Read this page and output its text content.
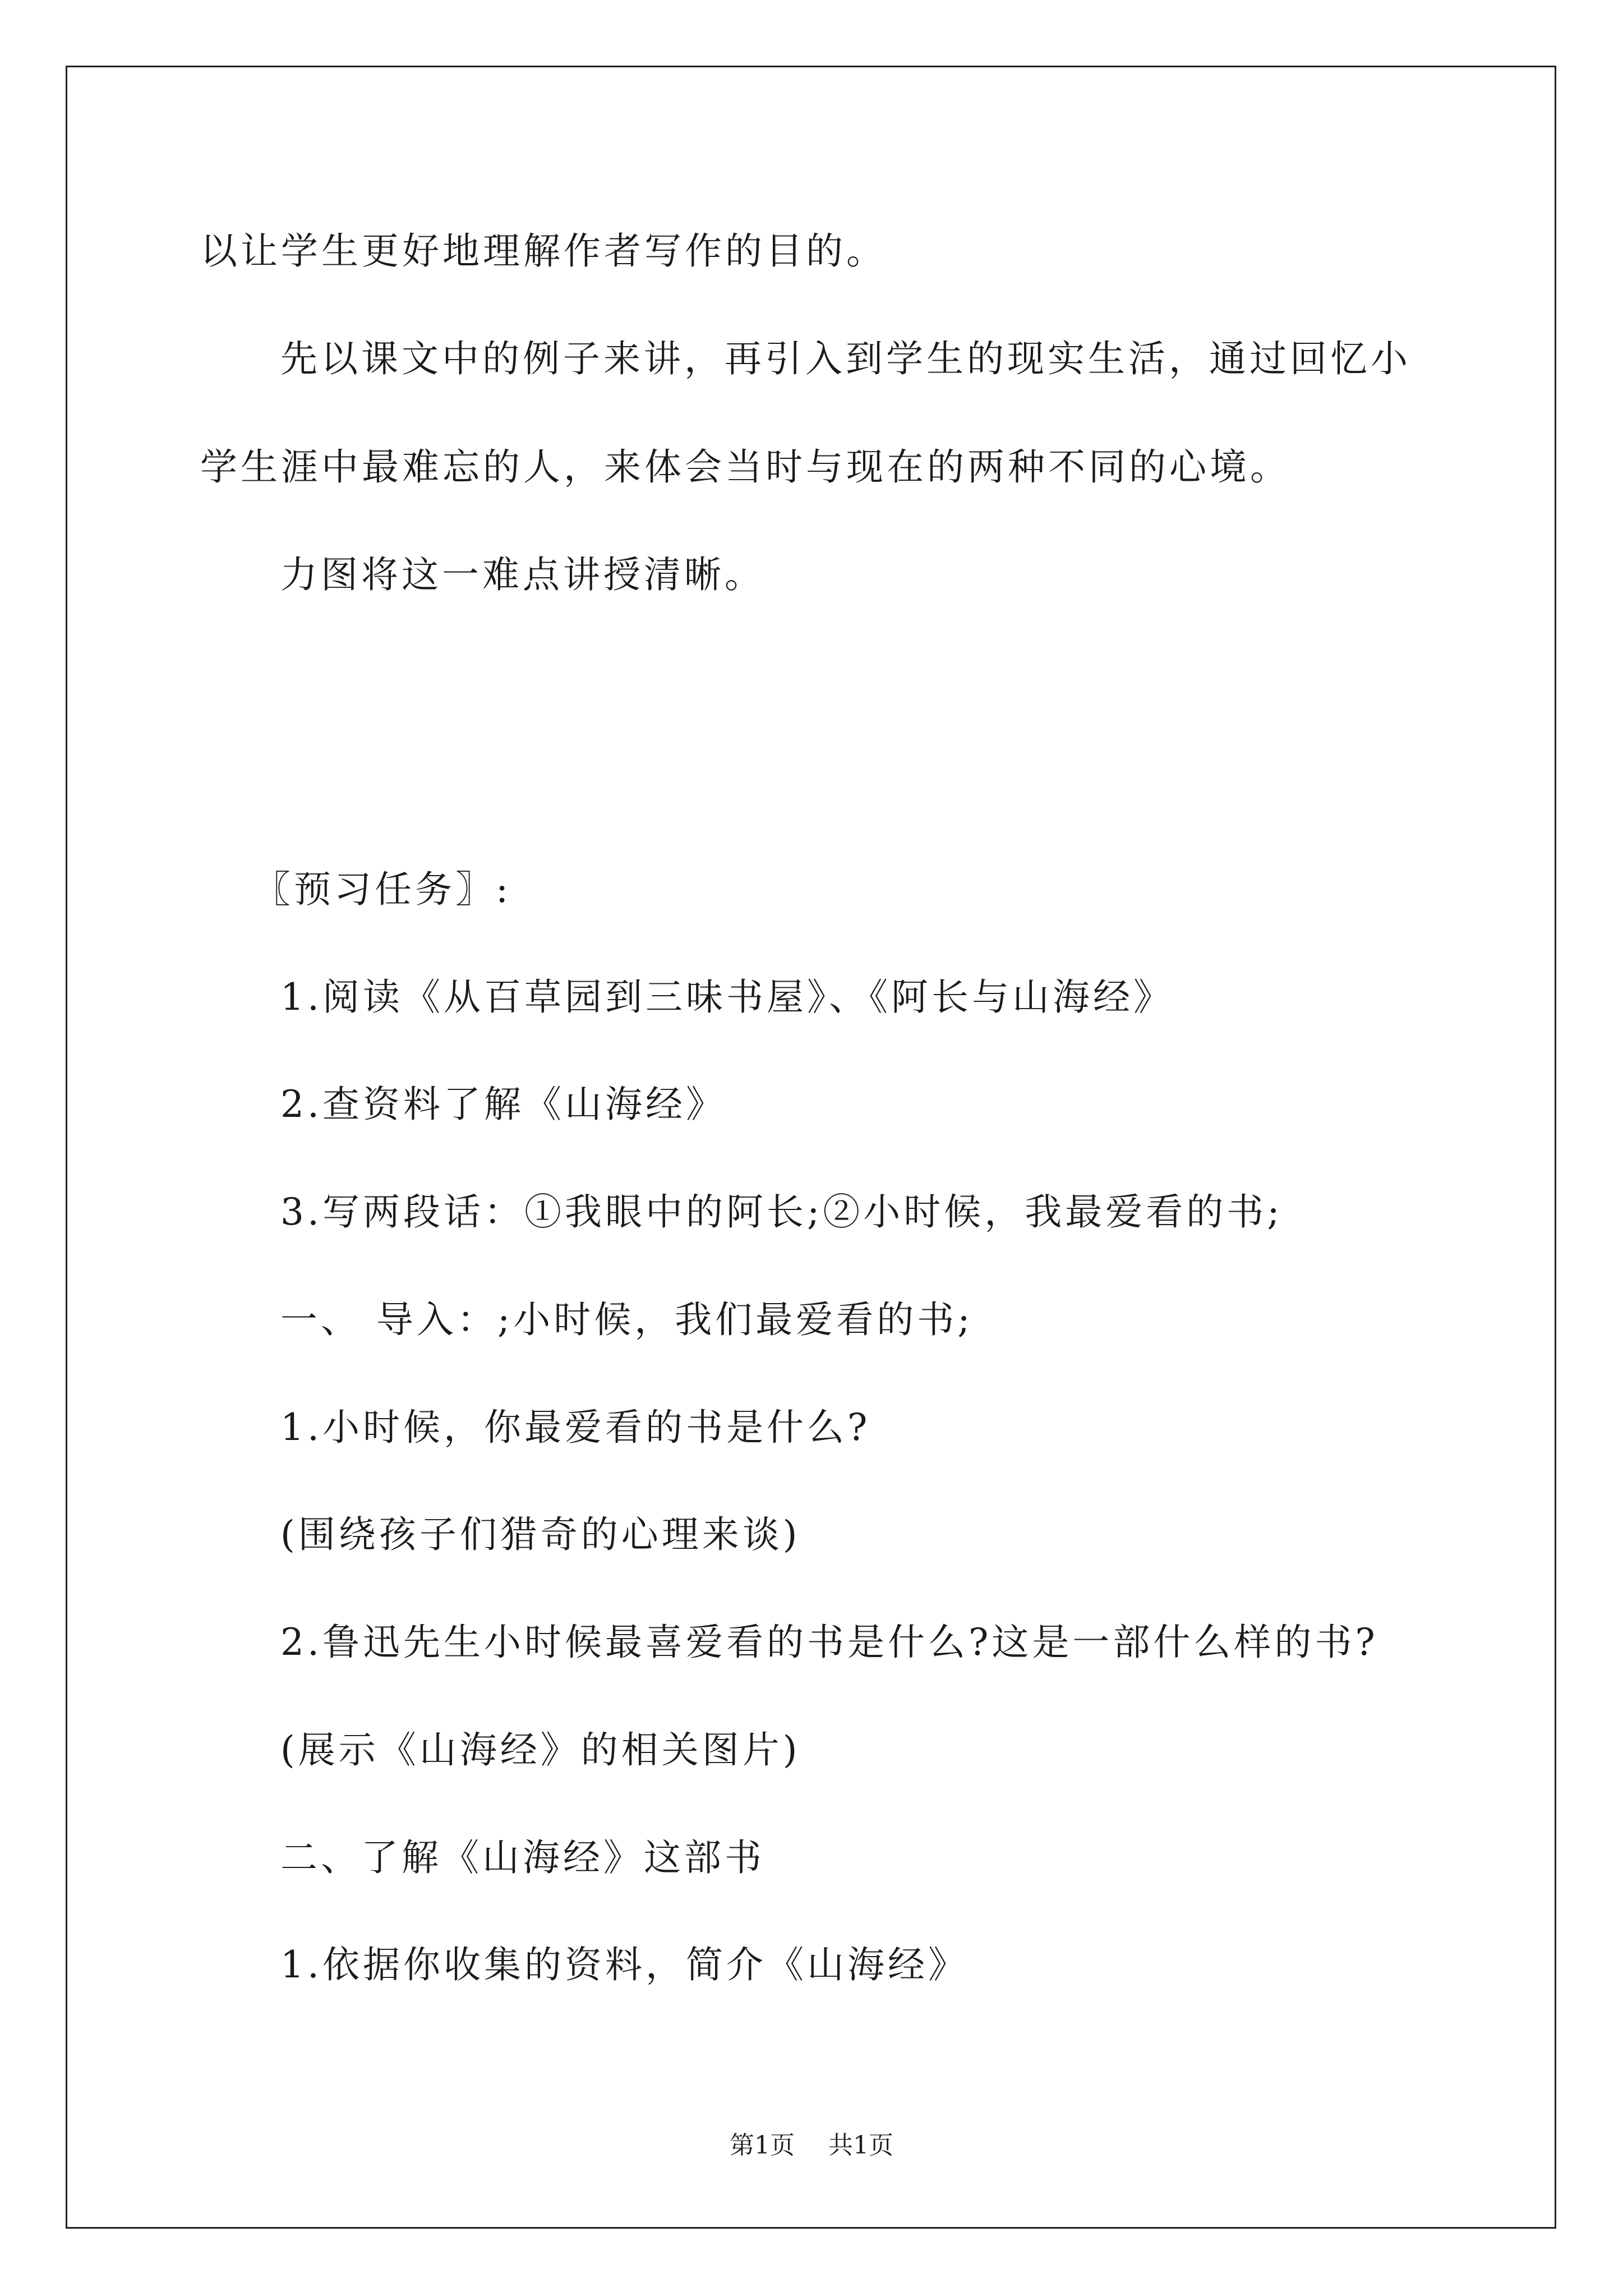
以让学生更好地理解作者写作的目的。
先以课文中的例子来讲，再引入到学生的现实生活，通过回忆小
学生涯中最难忘的人，来体会当时与现在的两种不同的心境。
力图将这一难点讲授清晰。
〖预习任务〗:
1.阅读《从百草园到三味书屋》、《阿长与山海经》
2.查资料了解《山海经》
3.写两段话：①我眼中的阿长;②小时候，我最爱看的书;
一、 导入：;小时候，我们最爱看的书;
1.小时候，你最爱看的书是什么?
(围绕孩子们猎奇的心理来谈)
2.鲁迅先生小时候最喜爱看的书是什么?这是一部什么样的书?
(展示《山海经》的相关图片)
二、了解《山海经》这部书
1.依据你收集的资料，简介《山海经》
第1页 共1页
